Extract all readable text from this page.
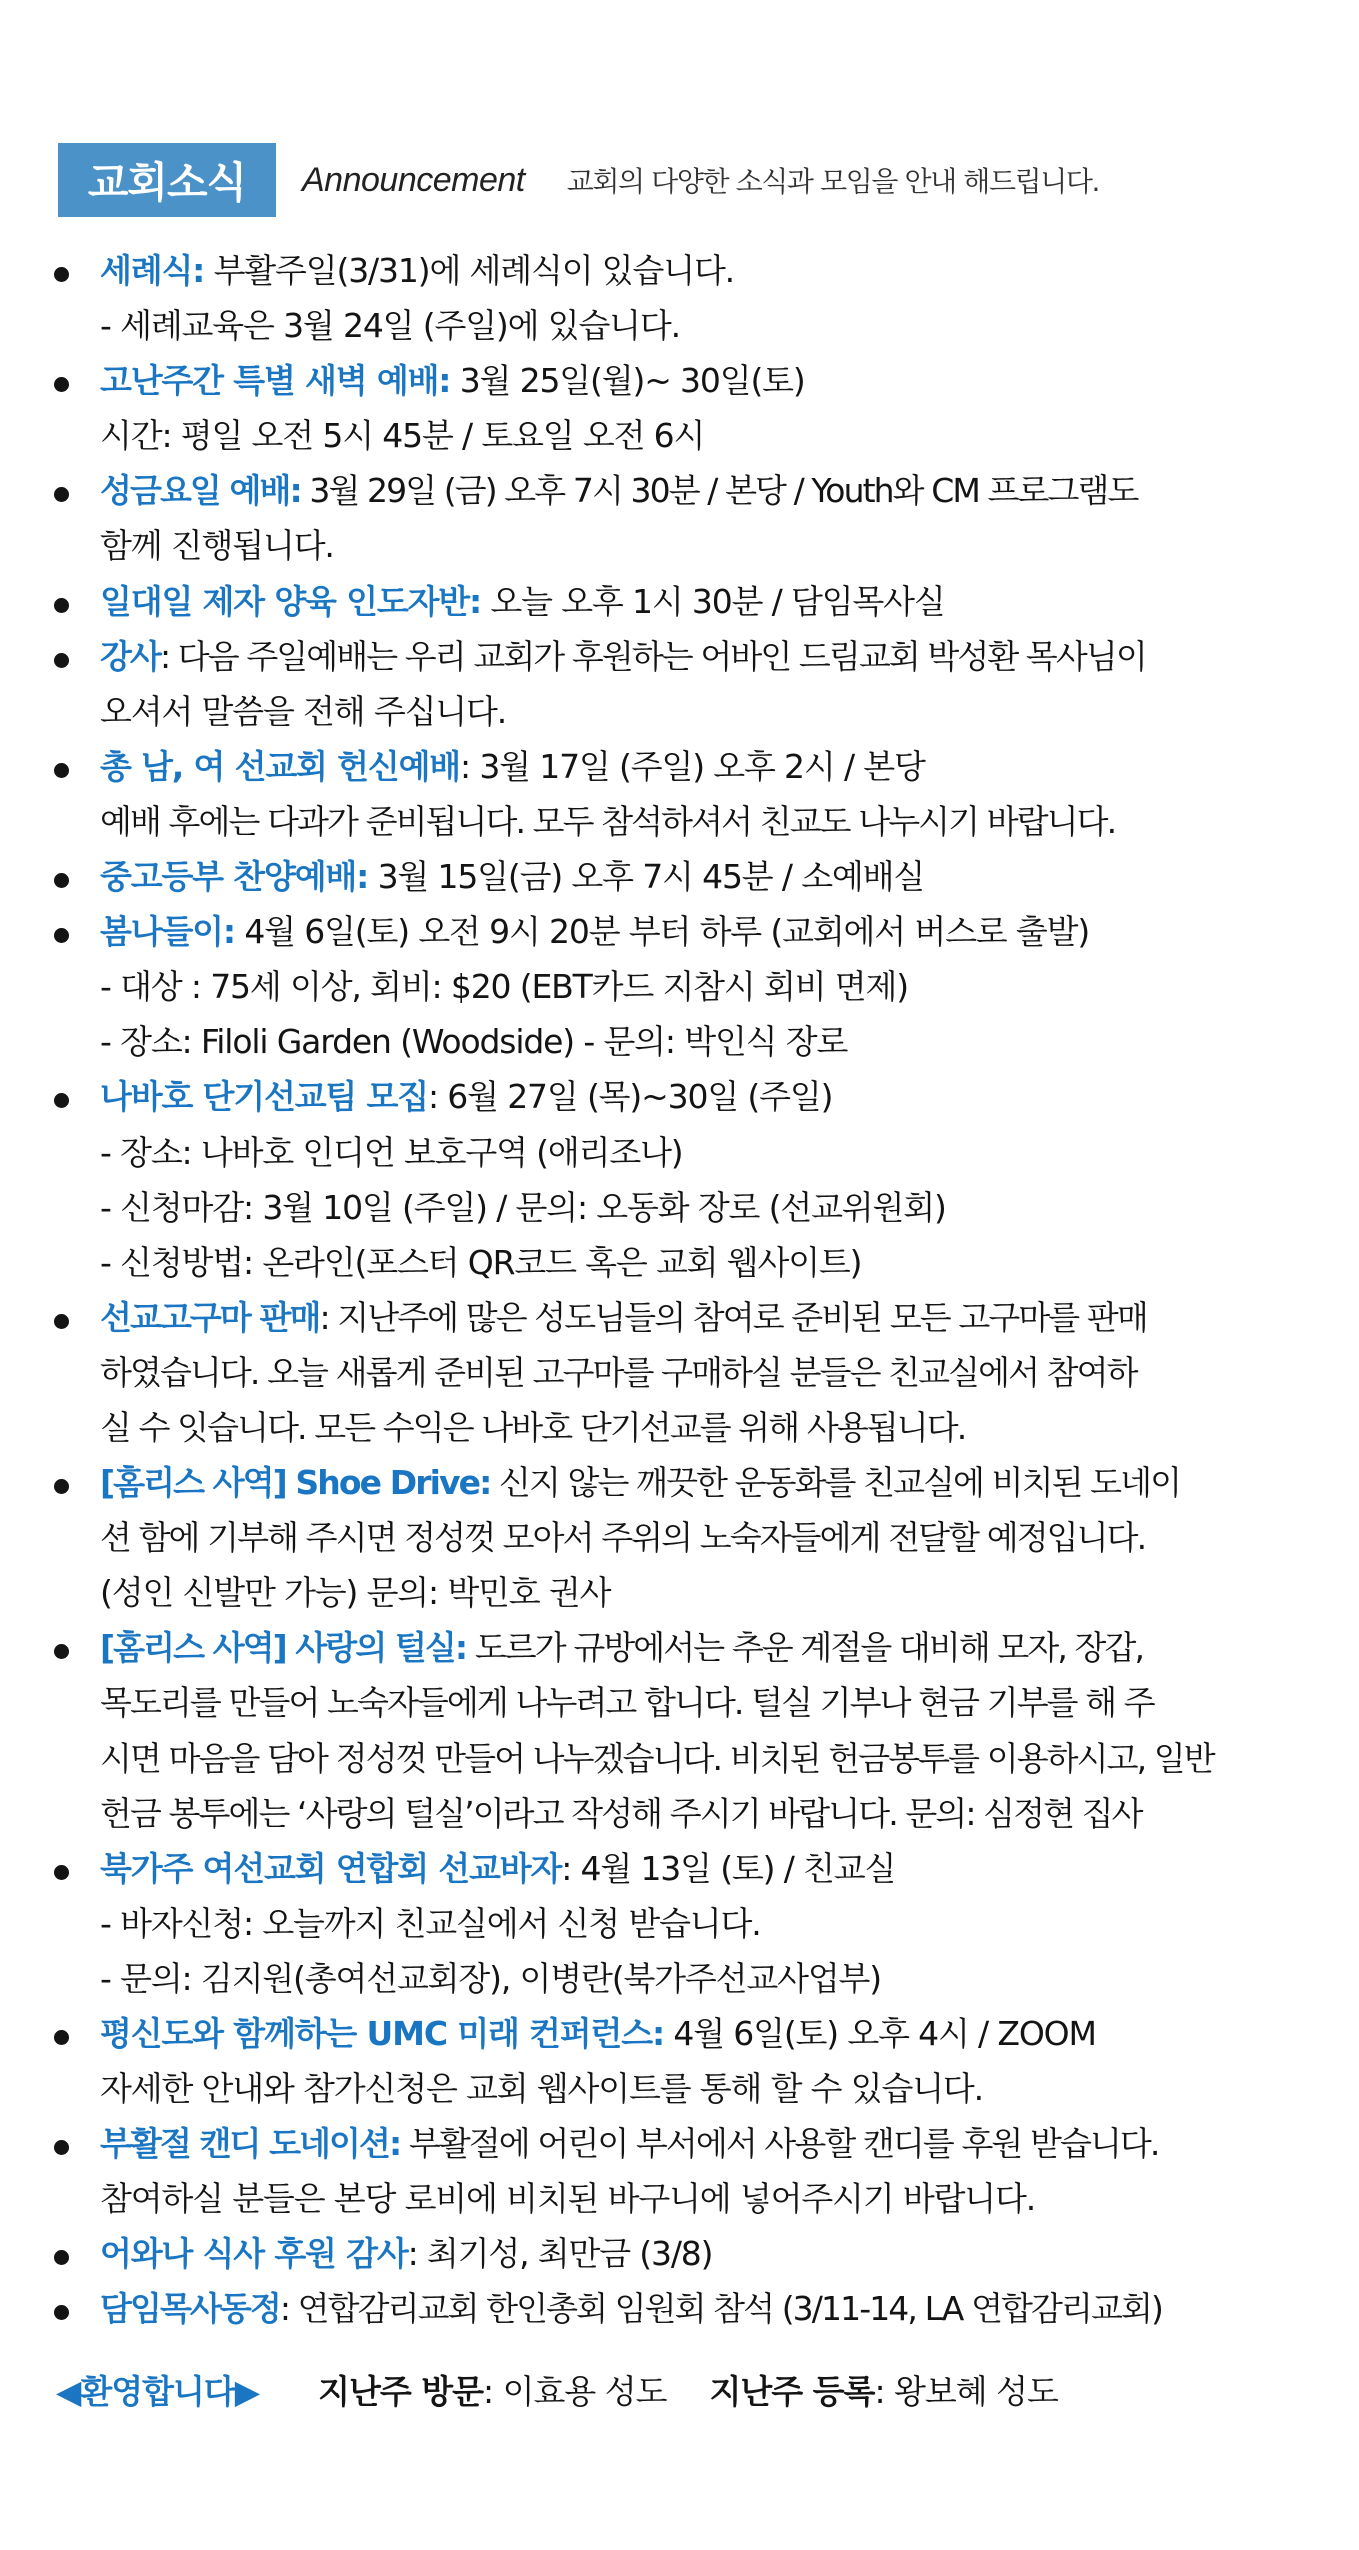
교회소식	Announcement 교회의 다양한 소식과 모임을 안내 해드립니다.
세례식: 부활주일(3/31)에 세례식이 있습니다.
- 세례교육은 3월 24일 (주일)에 있습니다.
고난주간 특별 새벽 예배: 3월 25일(월)~ 30일(토)
시간: 평일 오전 5시 45분 / 토요일 오전 6시
성금요일 예배: 3월 29일 (금) 오후 7시 30분 / 본당 / Youth와 CM 프로그램도
함께 진행됩니다.
일대일 제자 양육 인도자반: 오늘 오후 1시 30분 / 담임목사실
강사: 다음 주일예배는 우리 교회가 후원하는 어바인 드림교회 박성환 목사님이
오셔서 말씀을 전해 주십니다.
총 남, 여 선교회 헌신예배: 3월 17일 (주일) 오후 2시 / 본당
예배 후에는 다과가 준비됩니다. 모두 참석하셔서 친교도 나누시기 바랍니다.
중고등부 찬양예배: 3월 15일(금) 오후 7시 45분 / 소예배실
봄나들이: 4월 6일(토) 오전 9시 20분 부터 하루 (교회에서 버스로 출발)
- 대상 : 75세 이상, 회비: $20 (EBT카드 지참시 회비 면제)
- 장소: Filoli Garden (Woodside) - 문의: 박인식 장로
나바호 단기선교팀 모집: 6월 27일 (목)~30일 (주일)
- 장소: 나바호 인디언 보호구역 (애리조나)
- 신청마감: 3월 10일 (주일) / 문의: 오동화 장로 (선교위원회)
- 신청방법: 온라인(포스터 QR코드 혹은 교회 웹사이트)
선교고구마 판매: 지난주에 많은 성도님들의 참여로 준비된 모든 고구마를 판매
하였습니다. 오늘 새롭게 준비된 고구마를 구매하실 분들은 친교실에서 참여하
실 수 잇습니다. 모든 수익은 나바호 단기선교를 위해 사용됩니다.
[홈리스 사역] Shoe Drive: 신지 않는 깨끗한 운동화를 친교실에 비치된 도네이
션 함에 기부해 주시면 정성껏 모아서 주위의 노숙자들에게 전달할 예정입니다.
(성인 신발만 가능) 문의: 박민호 권사
[홈리스 사역] 사랑의 털실: 도르가 규방에서는 추운 계절을 대비해 모자, 장갑,
목도리를 만들어 노숙자들에게 나누려고 합니다. 털실 기부나 현금 기부를 해 주
시면 마음을 담아 정성껏 만들어 나누겠습니다. 비치된 헌금봉투를 이용하시고, 일반
헌금 봉투에는 ‘사랑의 털실’이라고 작성해 주시기 바랍니다. 문의: 심정현 집사
북가주 여선교회 연합회 선교바자: 4월 13일 (토) / 친교실
- 바자신청: 오늘까지 친교실에서 신청 받습니다.
- 문의: 김지원(총여선교회장), 이병란(북가주선교사업부)
평신도와 함께하는 UMC 미래 컨퍼런스: 4월 6일(토) 오후 4시 / ZOOM
자세한 안내와 참가신청은 교회 웹사이트를 통해 할 수 있습니다.
부활절 캔디 도네이션: 부활절에 어린이 부서에서 사용할 캔디를 후원 받습니다.
참여하실 분들은 본당 로비에 비치된 바구니에 넣어주시기 바랍니다.
어와나 식사 후원 감사: 최기성, 최만금 (3/8)
담임목사동정: 연합감리교회 한인총회 임원회 참석 (3/11-14, LA 연합감리교회)
◀환영합니다▶ 지난주 방문: 이효용 성도 지난주 등록: 왕보혜 성도
